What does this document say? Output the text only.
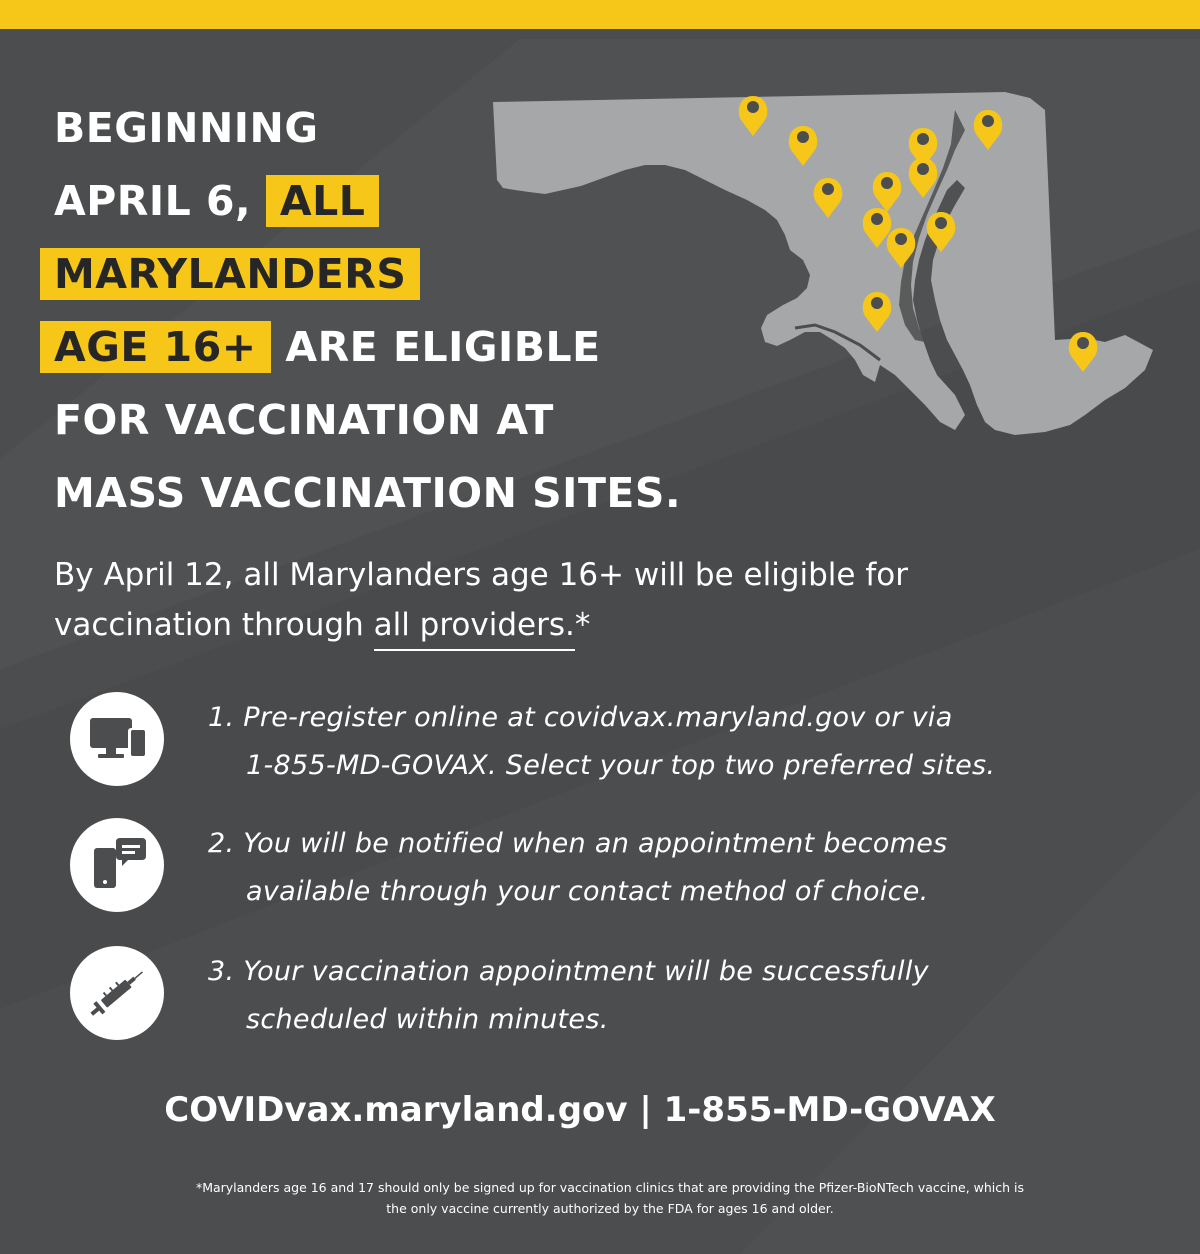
BEGINNING
APRIL 6, ALL
MARYLANDERS
AGE 16+ ARE ELIGIBLE
FOR VACCINATION AT
MASS VACCINATION SITES.
By April 12, all Marylanders age 16+ will be eligible for
vaccination through all providers.*
1. Pre-register online at covidvax.maryland.gov or via
1-855-MD-GOVAX. Select your top two preferred sites.
2. You will be notified when an appointment becomes
available through your contact method of choice.
3. Your vaccination appointment will be successfully
scheduled within minutes.
COVIDvax.maryland.gov | 1-855-MD-GOVAX
*Marylanders age 16 and 17 should only be signed up for vaccination clinics that are providing the Pfizer-BioNTech vaccine, which is
the only vaccine currently authorized by the FDA for ages 16 and older.
